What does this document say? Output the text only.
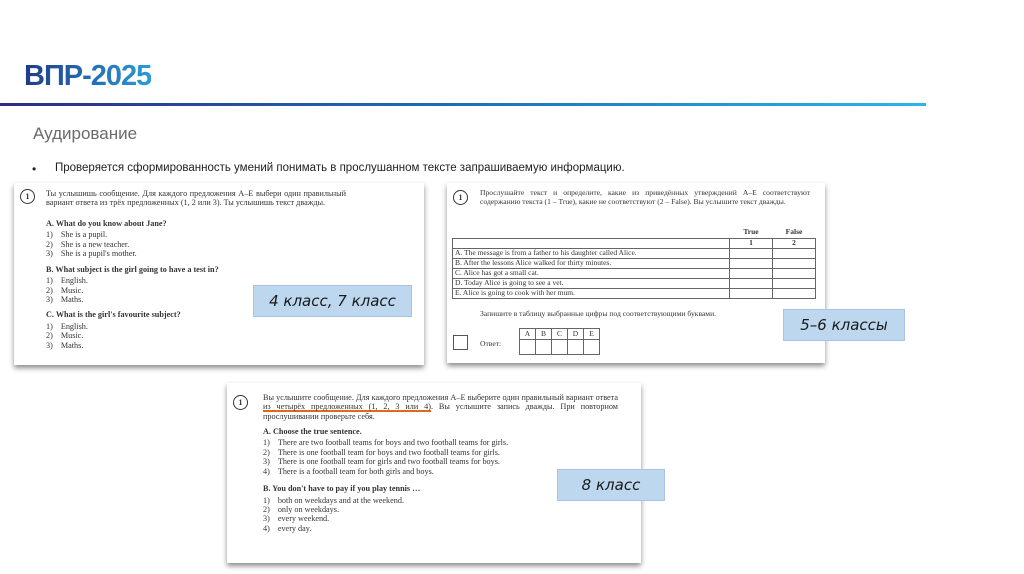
ВПР-2025
Аудирование
• Проверяется сформированность умений понимать в прослушанном тексте запрашиваемую информацию.
1	Ты услышишь сообщение. Для каждого предложения А–E выбери один правильный вариант ответа из трёх предложенных (1, 2 или 3). Ты услышишь текст дважды.
A. What do you know about Jane?
1) She is a pupil.
2) She is a new teacher.
3) She is a pupil's mother.
B. What subject is the girl going to have a test in?
1) English.
2) Music.
3) Maths.
C. What is the girl's favourite subject?
1) English.
2) Music.
3) Maths.
1
Прослушайте текст и определите, какие из приведённых утверждений А–E соответствуют содержанию текста (1 – True), какие не соответствуют (2 – False). Вы услышите текст дважды.
	True	False
	1	2
A. The message is from a father to his daughter called Alice.		
B. After the lessons Alice walked for thirty minutes.		
C. Alice has got a small cat.		
D. Today Alice is going to see a vet.		
E. Alice is going to cook with her mum.		
Запишите в таблицу выбранные цифры под соответствующими буквами.
Ответ:
A	B	C	D	E

1
Вы услышите сообщение. Для каждого предложения А–E выберите один правильный вариант ответа из четырёх предложенных (1, 2, 3 или 4). Вы услышите запись дважды. При повторном прослушивании проверьте себя.
A. Choose the true sentence.
1) There are two football teams for boys and two football teams for girls.
2) There is one football team for boys and two football teams for girls.
3) There is one football team for girls and two football teams for boys.
4) There is a football team for both girls and boys.
B. You don't have to pay if you play tennis …
1) both on weekdays and at the weekend.
2) only on weekdays.
3) every weekend.
4) every day.
4 класс, 7 класс
5–6 классы
8 класс
